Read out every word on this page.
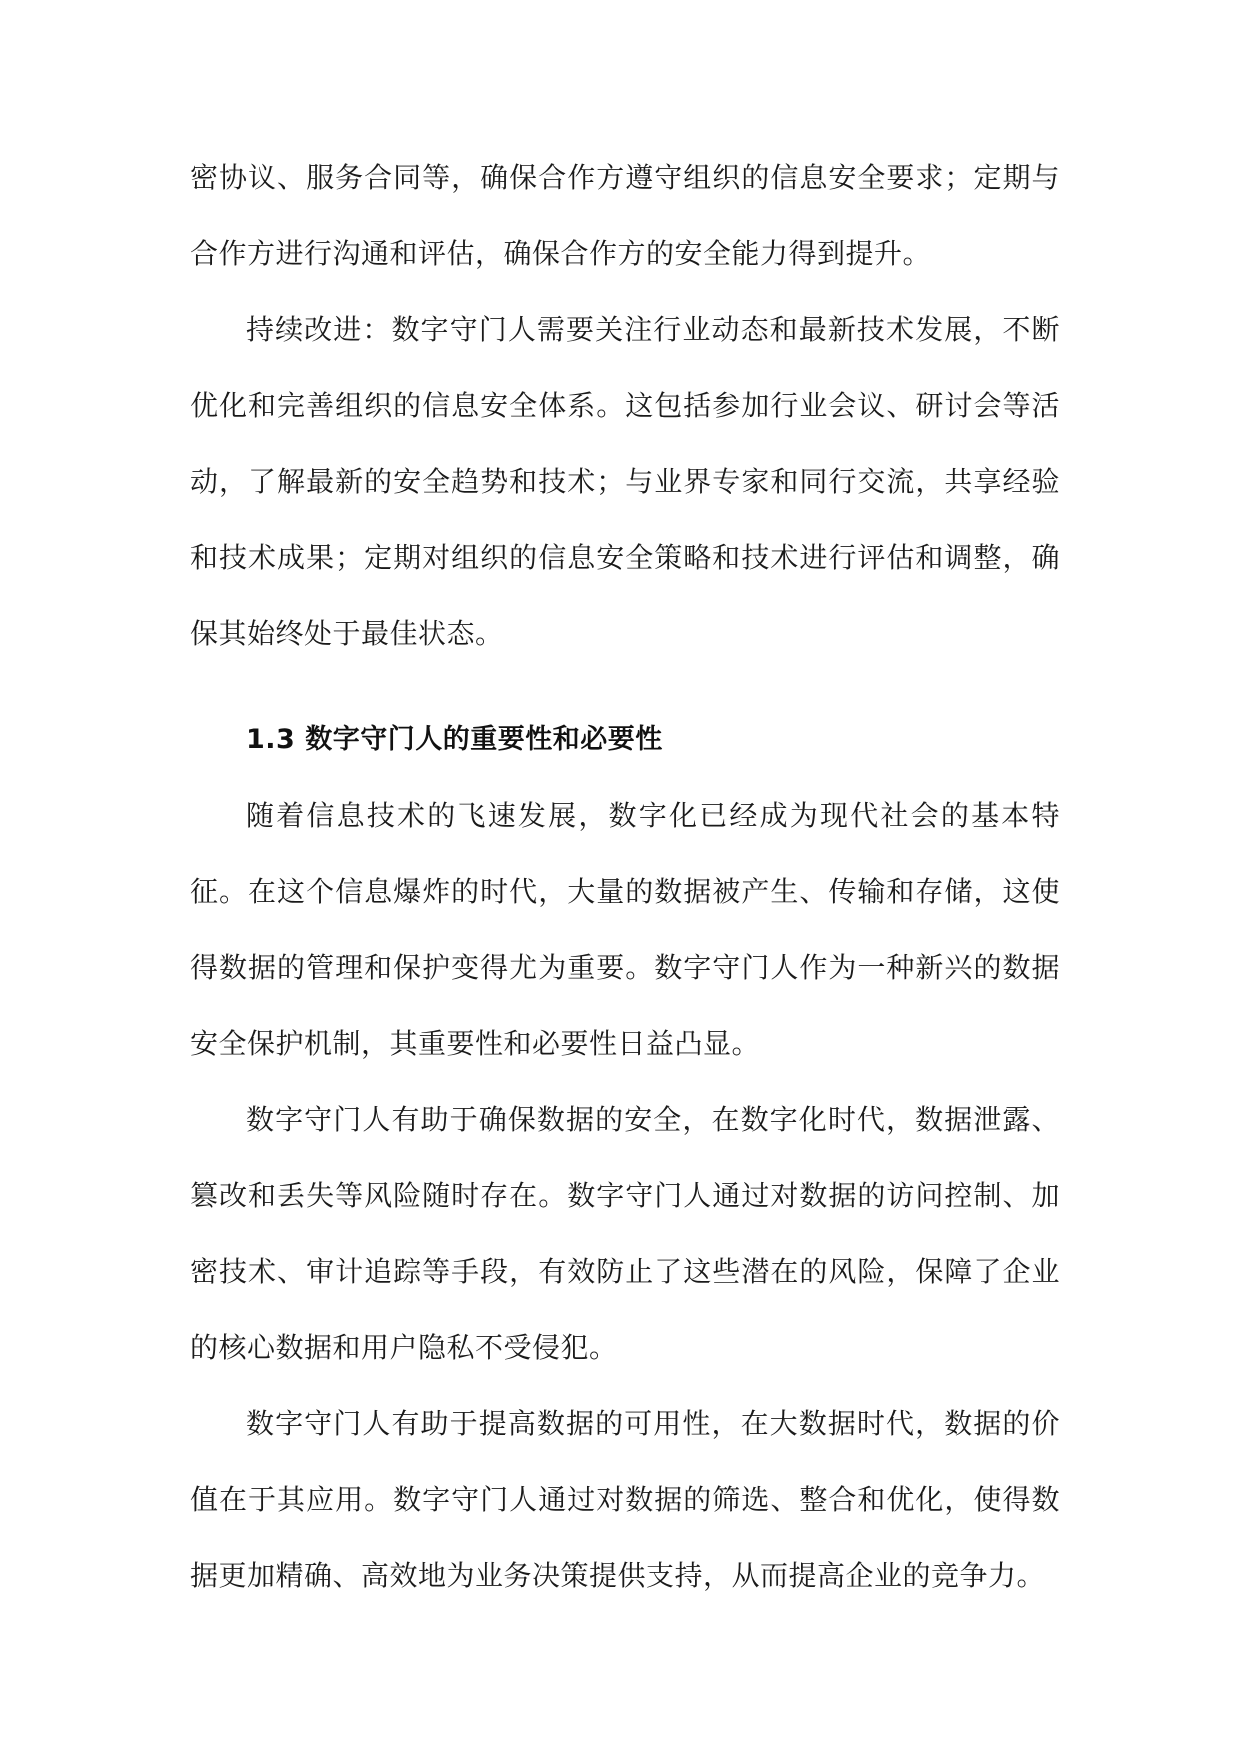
密协议、服务合同等，确保合作方遵守组织的信息安全要求；定期与合作方进行沟通和评估，确保合作方的安全能力得到提升。

持续改进：数字守门人需要关注行业动态和最新技术发展，不断优化和完善组织的信息安全体系。这包括参加行业会议、研讨会等活动，了解最新的安全趋势和技术；与业界专家和同行交流，共享经验和技术成果；定期对组织的信息安全策略和技术进行评估和调整，确保其始终处于最佳状态。

1.3 数字守门人的重要性和必要性

随着信息技术的飞速发展，数字化已经成为现代社会的基本特征。在这个信息爆炸的时代，大量的数据被产生、传输和存储，这使得数据的管理和保护变得尤为重要。数字守门人作为一种新兴的数据安全保护机制，其重要性和必要性日益凸显。

数字守门人有助于确保数据的安全，在数字化时代，数据泄露、篡改和丢失等风险随时存在。数字守门人通过对数据的访问控制、加密技术、审计追踪等手段，有效防止了这些潜在的风险，保障了企业的核心数据和用户隐私不受侵犯。

数字守门人有助于提高数据的可用性，在大数据时代，数据的价值在于其应用。数字守门人通过对数据的筛选、整合和优化，使得数据更加精确、高效地为业务决策提供支持，从而提高企业的竞争力。
